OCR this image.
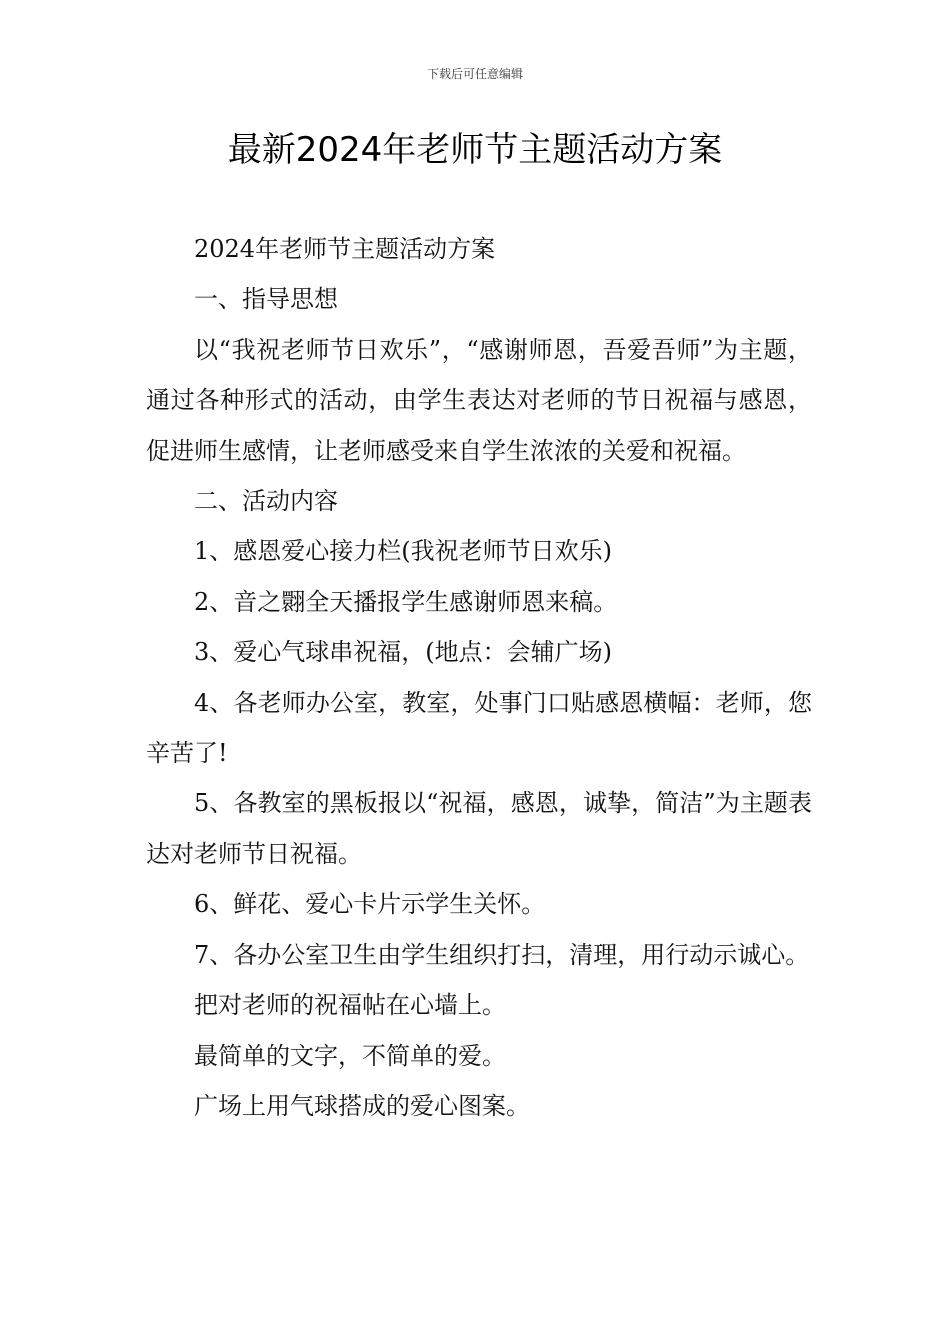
下载后可任意编辑
最新2024年老师节主题活动方案

2024年老师节主题活动方案

一、指导思想

以“我祝老师节日欢乐”，“感谢师恩，吾爱吾师”为主题，通过各种形式的活动，由学生表达对老师的节日祝福与感恩，促进师生感情，让老师感受来自学生浓浓的关爱和祝福。

二、活动内容

1、感恩爱心接力栏(我祝老师节日欢乐)

2、音之翾全天播报学生感谢师恩来稿。

3、爱心气球串祝福，(地点：会辅广场)

4、各老师办公室，教室，处事门口贴感恩横幅：老师，您辛苦了!

5、各教室的黑板报以“祝福，感恩，诚挚，简洁”为主题表达对老师节日祝福。

6、鲜花、爱心卡片示学生关怀。

7、各办公室卫生由学生组织打扫，清理，用行动示诚心。

把对老师的祝福帖在心墙上。

最简单的文字，不简单的爱。

广场上用气球搭成的爱心图案。
